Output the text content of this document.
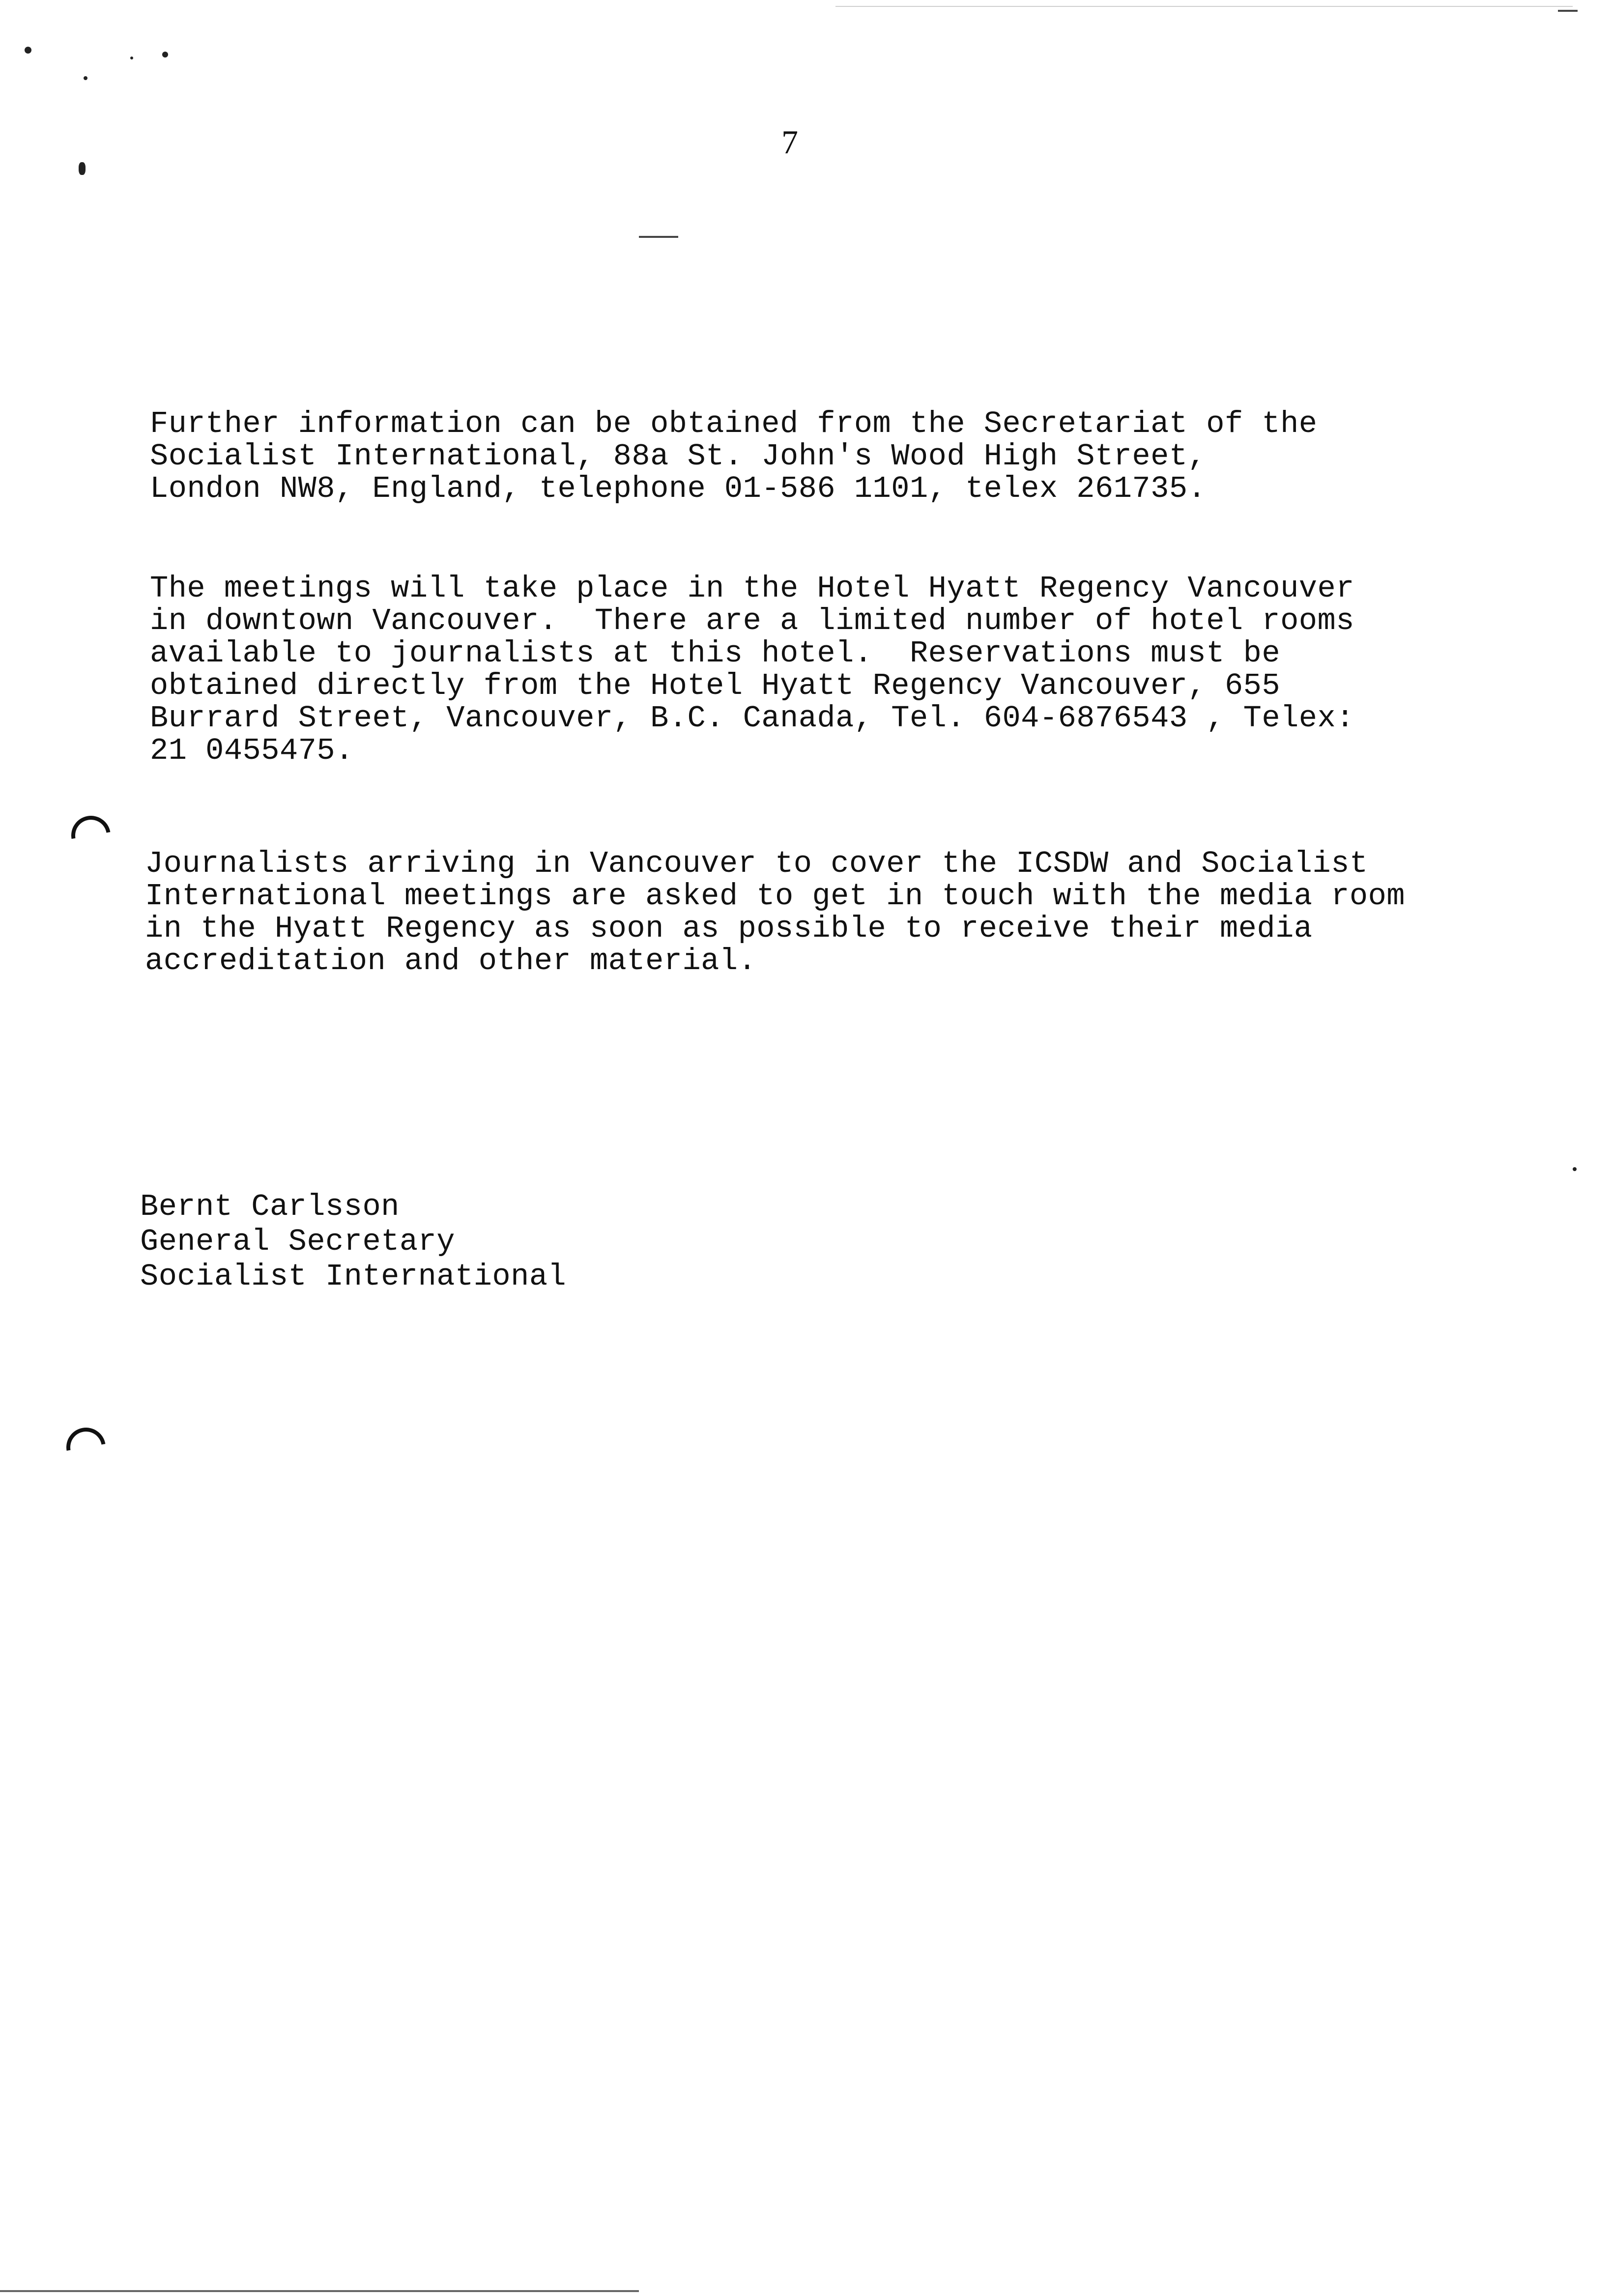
7
Further information can be obtained from the Secretariat of the
Socialist International, 88a St. John's Wood High Street,
London NW8, England, telephone 01-586 1101, telex 261735.
The meetings will take place in the Hotel Hyatt Regency Vancouver
in downtown Vancouver.  There are a limited number of hotel rooms
available to journalists at this hotel.  Reservations must be
obtained directly from the Hotel Hyatt Regency Vancouver, 655
Burrard Street, Vancouver, B.C. Canada, Tel. 604-6876543 , Telex:
21 0455475.
Journalists arriving in Vancouver to cover the ICSDW and Socialist
International meetings are asked to get in touch with the media room
in the Hyatt Regency as soon as possible to receive their media
accreditation and other material.
Bernt Carlsson
General Secretary
Socialist International
